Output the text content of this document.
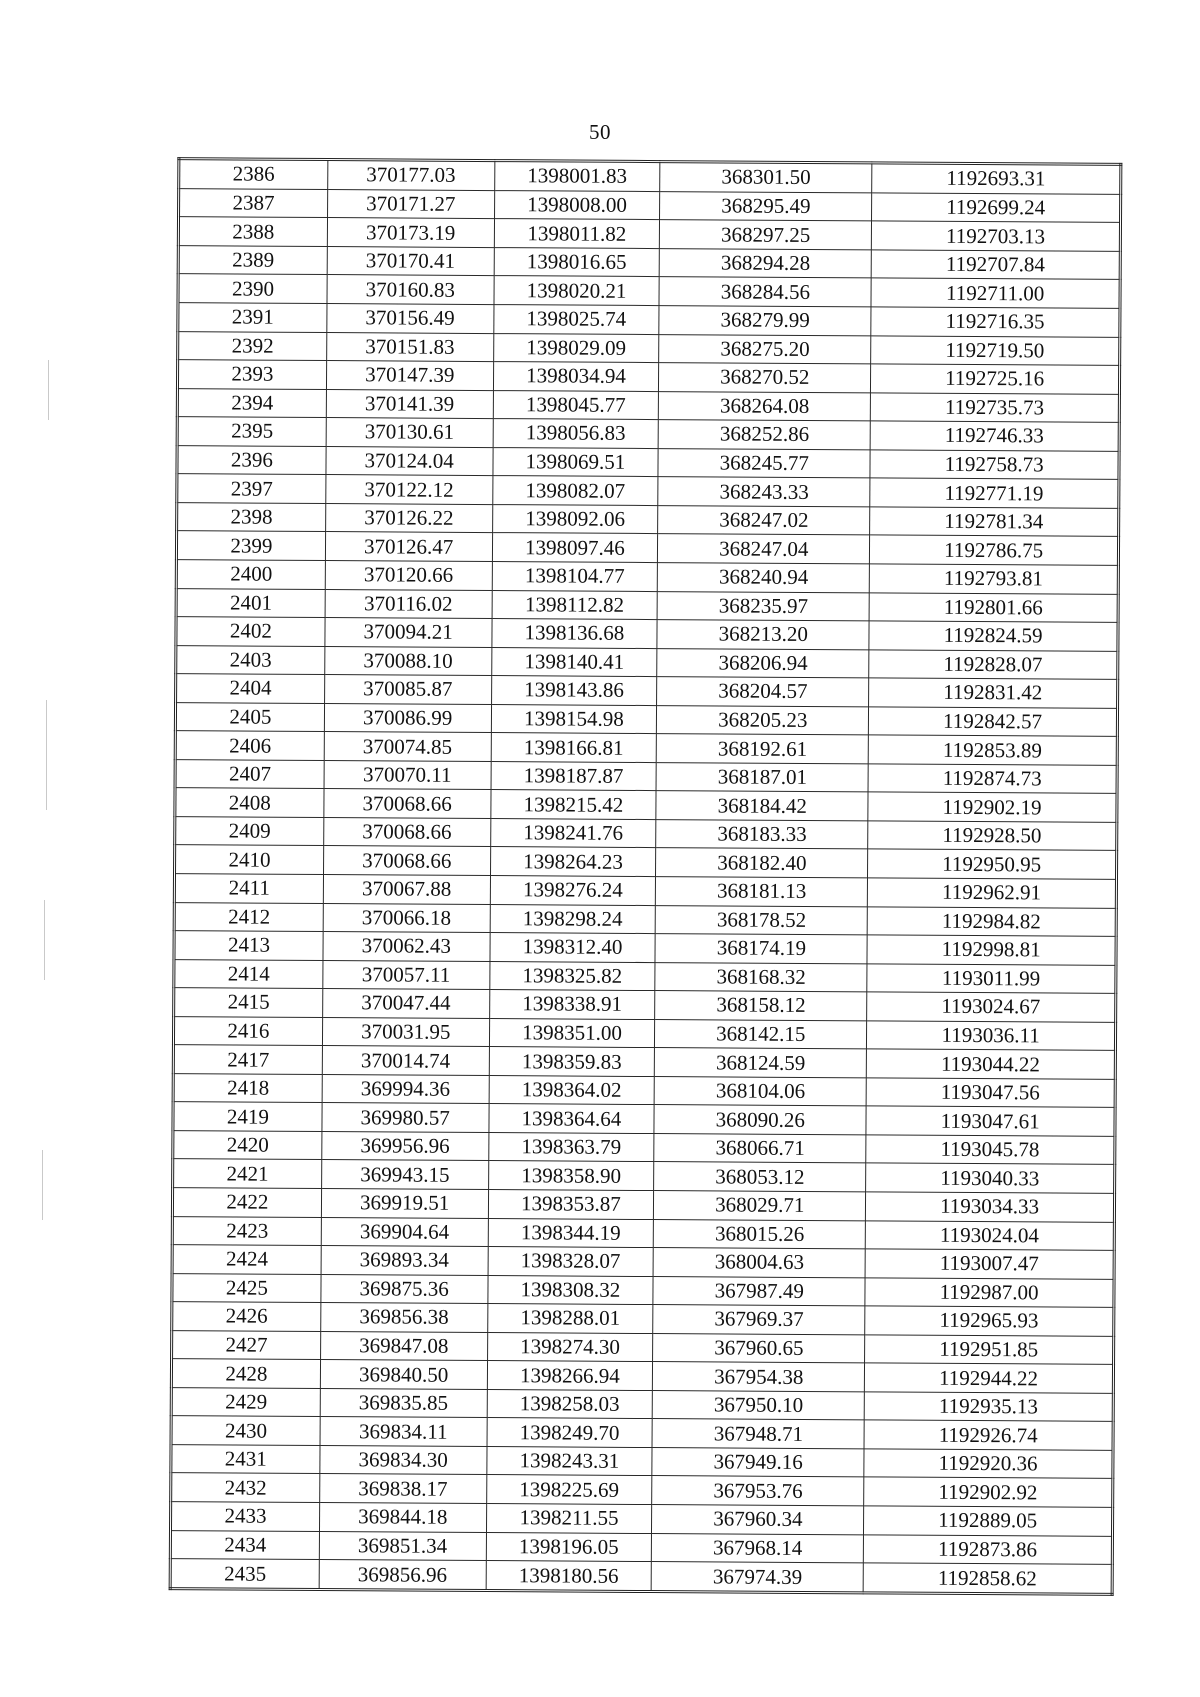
50
2386	370177.03	1398001.83	368301.50	1192693.31
2387	370171.27	1398008.00	368295.49	1192699.24
2388	370173.19	1398011.82	368297.25	1192703.13
2389	370170.41	1398016.65	368294.28	1192707.84
2390	370160.83	1398020.21	368284.56	1192711.00
2391	370156.49	1398025.74	368279.99	1192716.35
2392	370151.83	1398029.09	368275.20	1192719.50
2393	370147.39	1398034.94	368270.52	1192725.16
2394	370141.39	1398045.77	368264.08	1192735.73
2395	370130.61	1398056.83	368252.86	1192746.33
2396	370124.04	1398069.51	368245.77	1192758.73
2397	370122.12	1398082.07	368243.33	1192771.19
2398	370126.22	1398092.06	368247.02	1192781.34
2399	370126.47	1398097.46	368247.04	1192786.75
2400	370120.66	1398104.77	368240.94	1192793.81
2401	370116.02	1398112.82	368235.97	1192801.66
2402	370094.21	1398136.68	368213.20	1192824.59
2403	370088.10	1398140.41	368206.94	1192828.07
2404	370085.87	1398143.86	368204.57	1192831.42
2405	370086.99	1398154.98	368205.23	1192842.57
2406	370074.85	1398166.81	368192.61	1192853.89
2407	370070.11	1398187.87	368187.01	1192874.73
2408	370068.66	1398215.42	368184.42	1192902.19
2409	370068.66	1398241.76	368183.33	1192928.50
2410	370068.66	1398264.23	368182.40	1192950.95
2411	370067.88	1398276.24	368181.13	1192962.91
2412	370066.18	1398298.24	368178.52	1192984.82
2413	370062.43	1398312.40	368174.19	1192998.81
2414	370057.11	1398325.82	368168.32	1193011.99
2415	370047.44	1398338.91	368158.12	1193024.67
2416	370031.95	1398351.00	368142.15	1193036.11
2417	370014.74	1398359.83	368124.59	1193044.22
2418	369994.36	1398364.02	368104.06	1193047.56
2419	369980.57	1398364.64	368090.26	1193047.61
2420	369956.96	1398363.79	368066.71	1193045.78
2421	369943.15	1398358.90	368053.12	1193040.33
2422	369919.51	1398353.87	368029.71	1193034.33
2423	369904.64	1398344.19	368015.26	1193024.04
2424	369893.34	1398328.07	368004.63	1193007.47
2425	369875.36	1398308.32	367987.49	1192987.00
2426	369856.38	1398288.01	367969.37	1192965.93
2427	369847.08	1398274.30	367960.65	1192951.85
2428	369840.50	1398266.94	367954.38	1192944.22
2429	369835.85	1398258.03	367950.10	1192935.13
2430	369834.11	1398249.70	367948.71	1192926.74
2431	369834.30	1398243.31	367949.16	1192920.36
2432	369838.17	1398225.69	367953.76	1192902.92
2433	369844.18	1398211.55	367960.34	1192889.05
2434	369851.34	1398196.05	367968.14	1192873.86
2435	369856.96	1398180.56	367974.39	1192858.62
